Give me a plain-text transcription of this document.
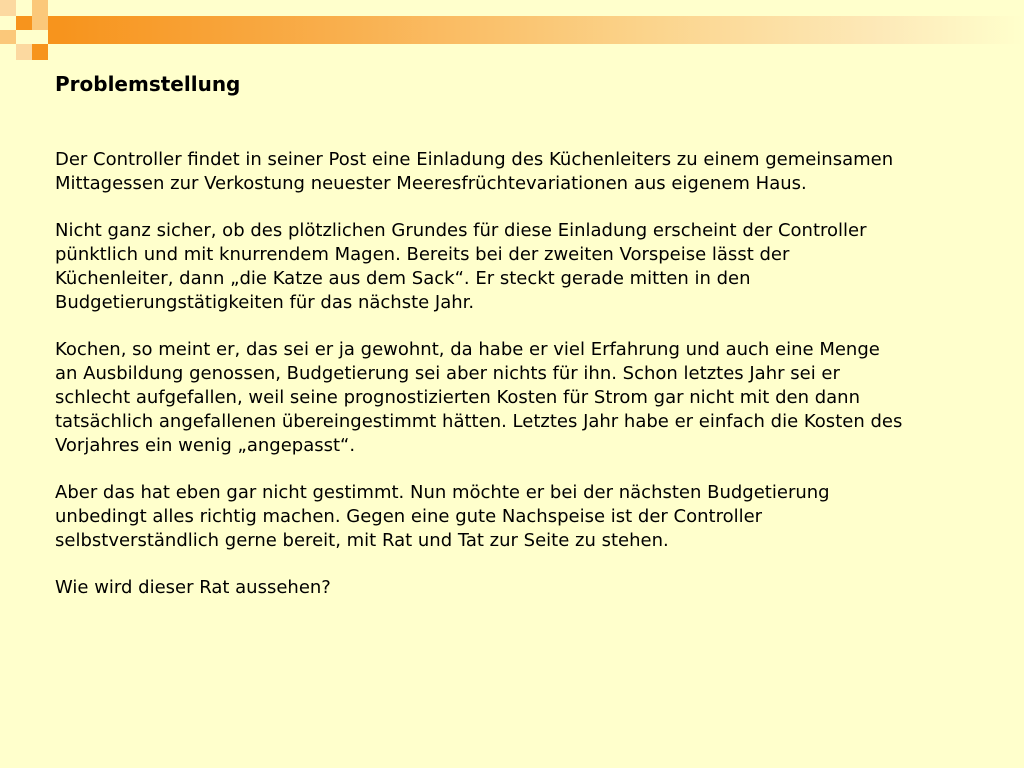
Problemstellung

Der Controller findet in seiner Post eine Einladung des Küchenleiters zu einem gemeinsamen Mittagessen zur Verkostung neuester Meeresfrüchtevariationen aus eigenem Haus.

Nicht ganz sicher, ob des plötzlichen Grundes für diese Einladung erscheint der Controller pünktlich und mit knurrendem Magen. Bereits bei der zweiten Vorspeise lässt der Küchenleiter, dann „die Katze aus dem Sack“. Er steckt gerade mitten in den Budgetierungstätigkeiten für das nächste Jahr.

Kochen, so meint er, das sei er ja gewohnt, da habe er viel Erfahrung und auch eine Menge an Ausbildung genossen, Budgetierung sei aber nichts für ihn. Schon letztes Jahr sei er schlecht aufgefallen, weil seine prognostizierten Kosten für Strom gar nicht mit den dann tatsächlich angefallenen übereingestimmt hätten. Letztes Jahr habe er einfach die Kosten des Vorjahres ein wenig „angepasst“.

Aber das hat eben gar nicht gestimmt. Nun möchte er bei der nächsten Budgetierung unbedingt alles richtig machen. Gegen eine gute Nachspeise ist der Controller selbstverständlich gerne bereit, mit Rat und Tat zur Seite zu stehen.

Wie wird dieser Rat aussehen?
